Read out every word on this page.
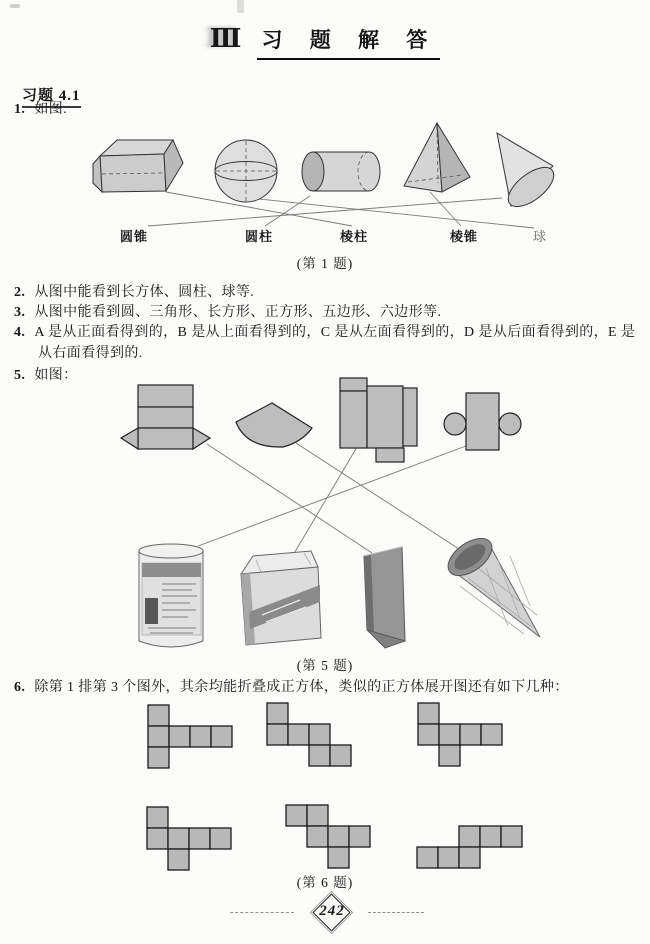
Ⅲ 习 题 解 答
习题 4.1
1. 如图.
2. 从图中能看到长方体、圆柱、球等.
3. 从图中能看到圆、三角形、长方形、正方形、五边形、六边形等.
4. A 是从正面看得到的，B 是从上面看得到的，C 是从左面看得到的，D 是从后面看得到的，E 是
从右面看得到的.
5. 如图：
6. 除第 1 排第 3 个图外，其余均能折叠成正方体，类似的正方体展开图还有如下几种：
圆锥	圆柱	棱柱	棱锥	球
(第 1 题)
(第 5 题)
(第 6 题)
242
